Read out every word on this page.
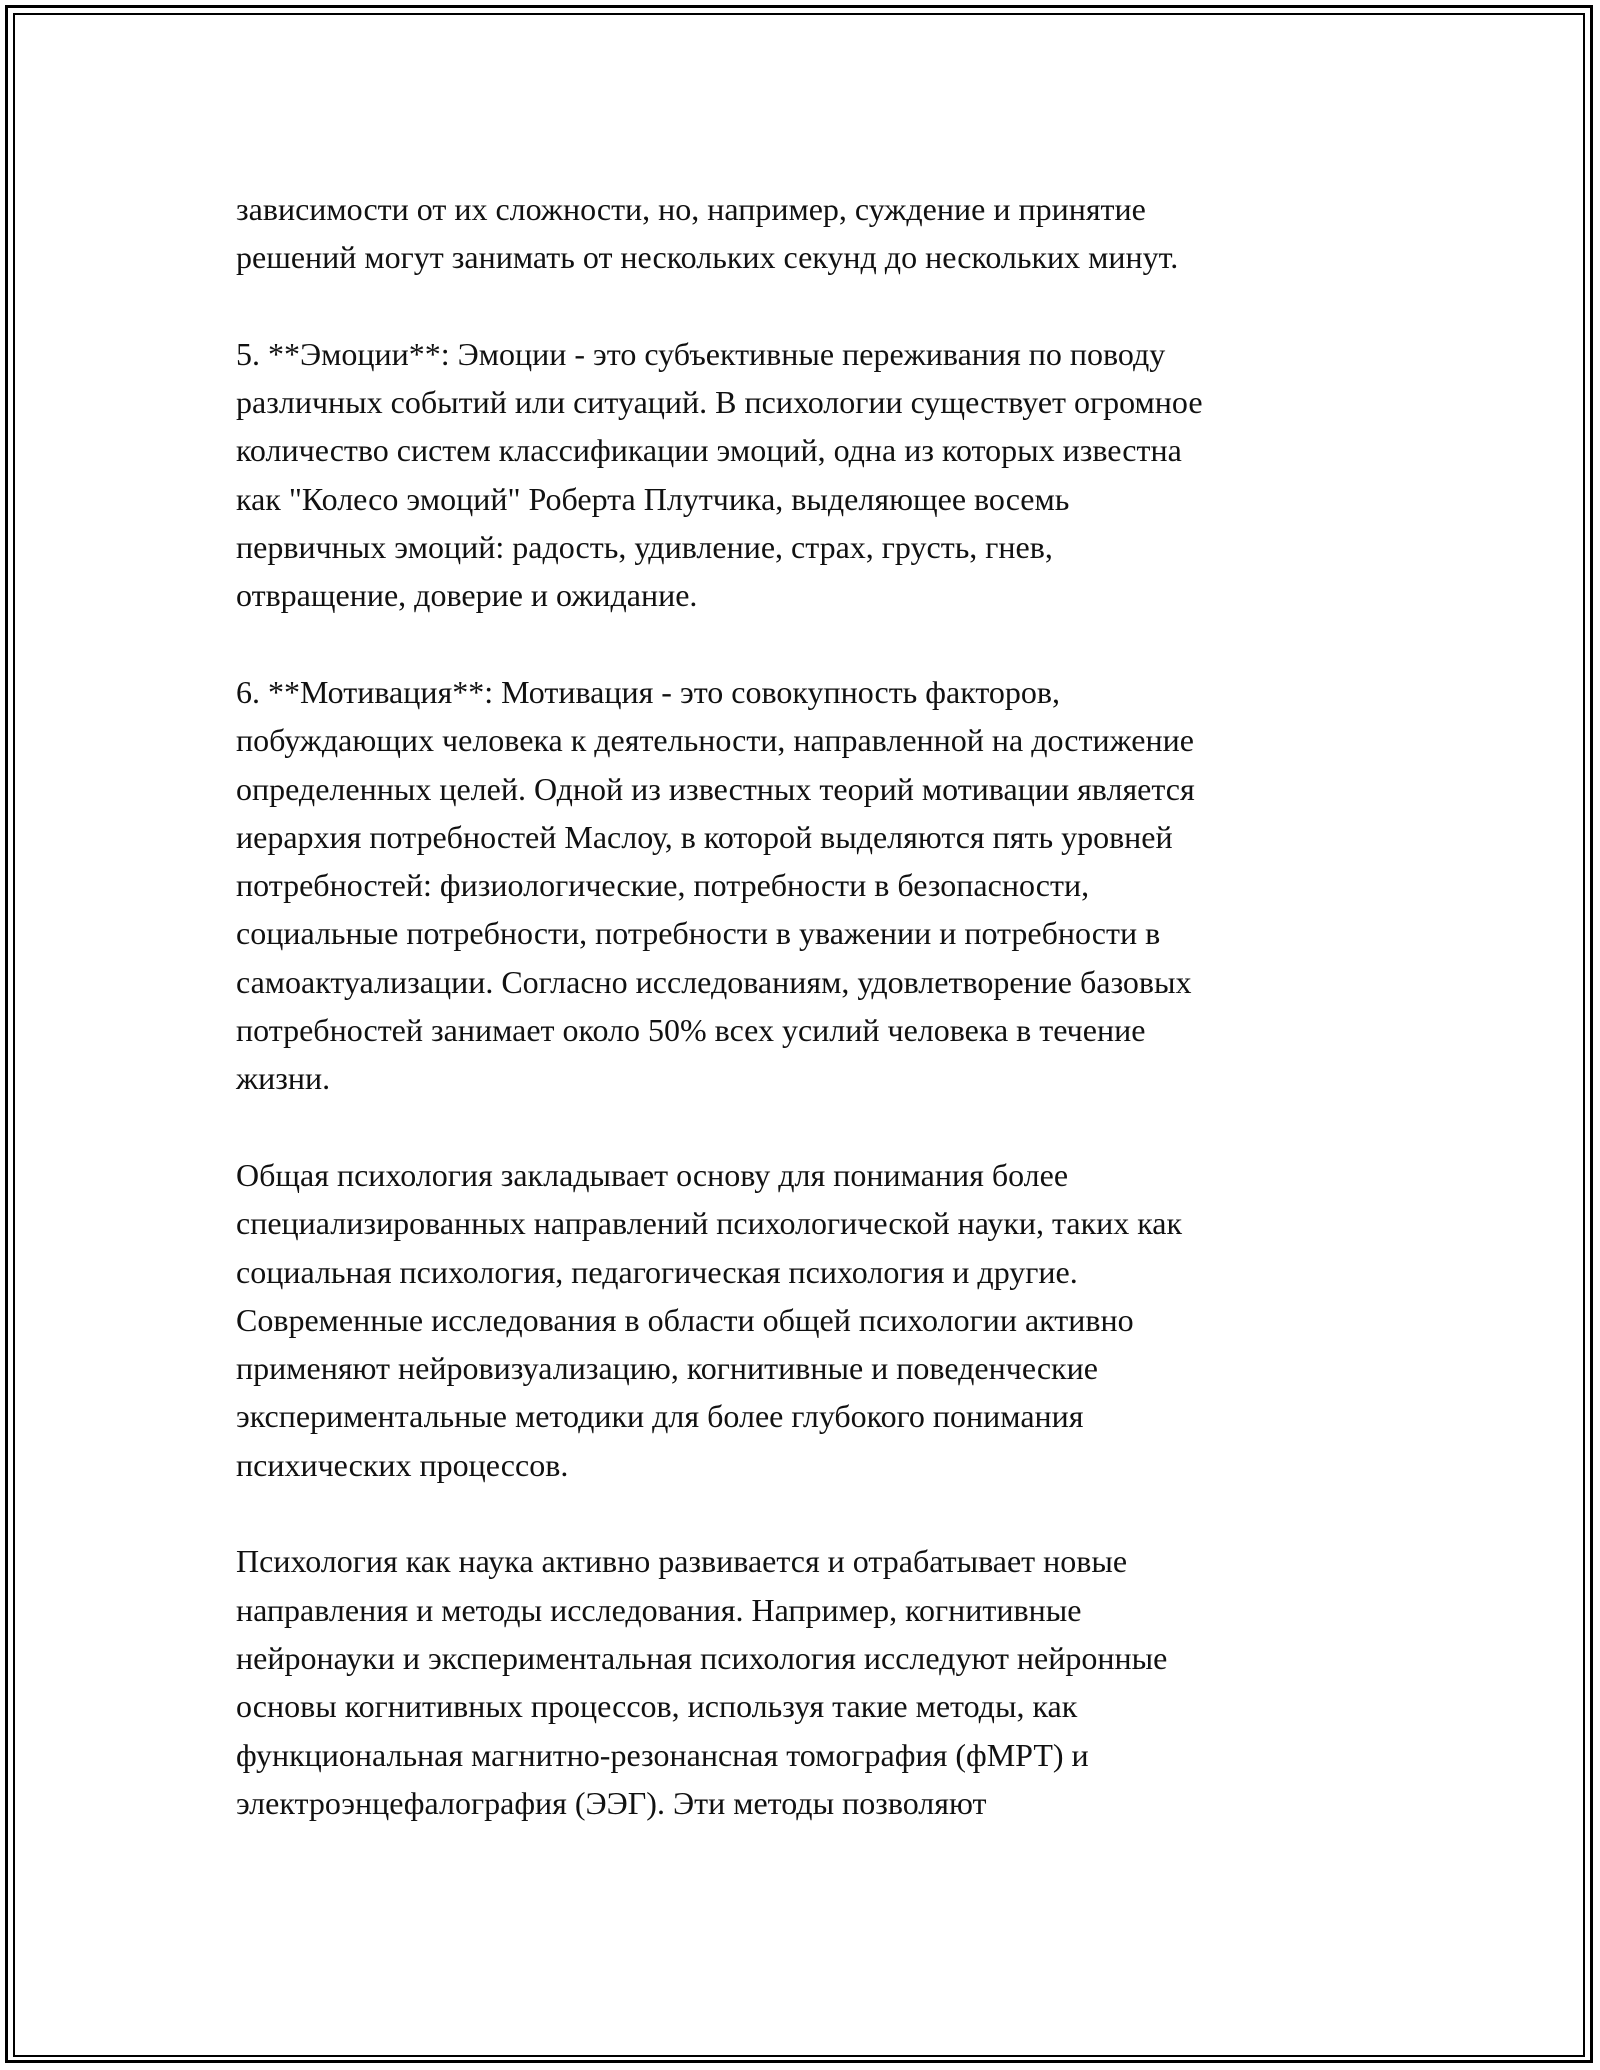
зависимости от их сложности, но, например, суждение и принятие
решений могут занимать от нескольких секунд до нескольких минут.
5. **Эмоции**: Эмоции - это субъективные переживания по поводу
различных событий или ситуаций. В психологии существует огромное
количество систем классификации эмоций, одна из которых известна
как "Колесо эмоций" Роберта Плутчика, выделяющее восемь
первичных эмоций: радость, удивление, страх, грусть, гнев,
отвращение, доверие и ожидание.
6. **Мотивация**: Мотивация - это совокупность факторов,
побуждающих человека к деятельности, направленной на достижение
определенных целей. Одной из известных теорий мотивации является
иерархия потребностей Маслоу, в которой выделяются пять уровней
потребностей: физиологические, потребности в безопасности,
социальные потребности, потребности в уважении и потребности в
самоактуализации. Согласно исследованиям, удовлетворение базовых
потребностей занимает около 50% всех усилий человека в течение
жизни.
Общая психология закладывает основу для понимания более
специализированных направлений психологической науки, таких как
социальная психология, педагогическая психология и другие.
Современные исследования в области общей психологии активно
применяют нейровизуализацию, когнитивные и поведенческие
экспериментальные методики для более глубокого понимания
психических процессов.
Психология как наука активно развивается и отрабатывает новые
направления и методы исследования. Например, когнитивные
нейронауки и экспериментальная психология исследуют нейронные
основы когнитивных процессов, используя такие методы, как
функциональная магнитно-резонансная томография (фМРТ) и
электроэнцефалография (ЭЭГ). Эти методы позволяют
